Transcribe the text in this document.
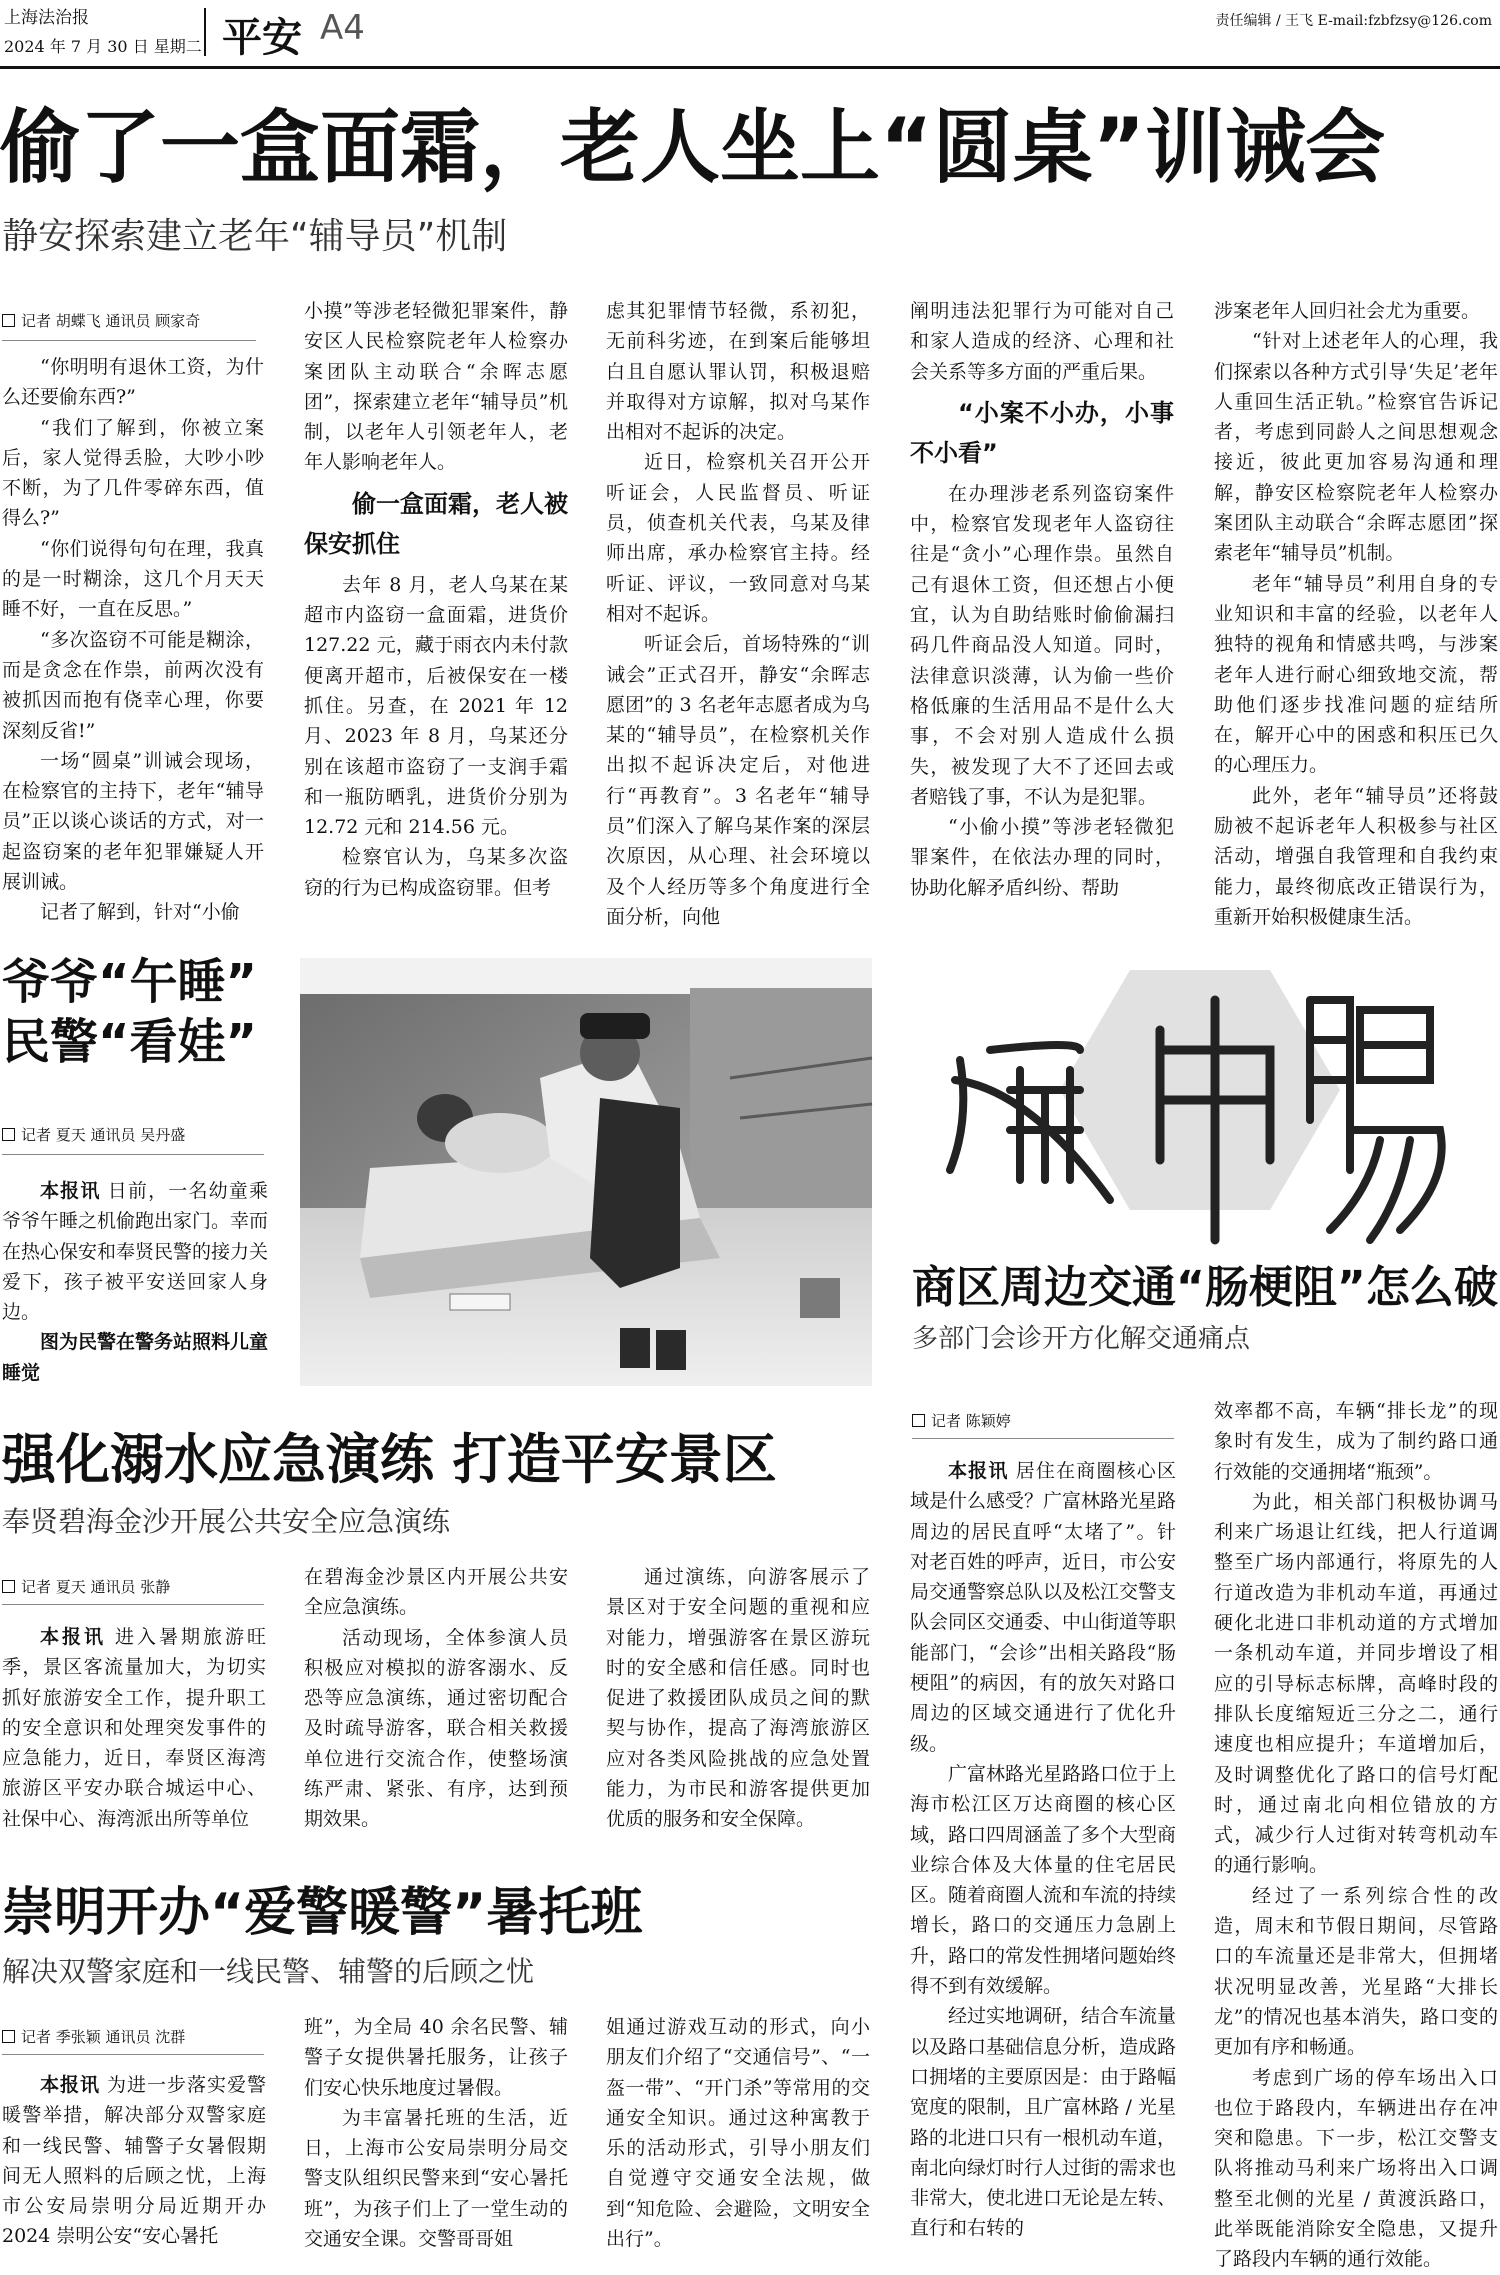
上海法治报
2024 年 7 月 30 日 星期二 平安 A4	责任编辑 / 王飞 E-mail:fzbfzsy@126.com
偷了一盒面霜，老人坐上“圆桌”训诫会
静安探索建立老年“辅导员”机制
记者 胡蝶飞 通讯员 顾家奇

“你明明有退休工资，为什么还要偷东西?”

“我们了解到，你被立案后，家人觉得丢脸，大吵小吵不断，为了几件零碎东西，值得么?”

“你们说得句句在理，我真的是一时糊涂，这几个月天天睡不好，一直在反思。”

“多次盗窃不可能是糊涂，而是贪念在作祟，前两次没有被抓因而抱有侥幸心理，你要深刻反省!”

一场“圆桌”训诫会现场，在检察官的主持下，老年“辅导员”正以谈心谈话的方式，对一起盗窃案的老年犯罪嫌疑人开展训诫。

记者了解到，针对“小偷

小摸”等涉老轻微犯罪案件，静安区人民检察院老年人检察办案团队主动联合“余晖志愿团”，探索建立老年“辅导员”机制，以老年人引领老年人，老年人影响老年人。

偷一盒面霜，老人被保安抓住

去年 8 月，老人乌某在某超市内盗窃一盒面霜，进货价 127.22 元，藏于雨衣内未付款便离开超市，后被保安在一楼抓住。另查，在 2021 年 12 月、2023 年 8 月，乌某还分别在该超市盗窃了一支润手霜和一瓶防晒乳，进货价分别为 12.72 元和 214.56 元。

检察官认为，乌某多次盗窃的行为已构成盗窃罪。但考

虑其犯罪情节轻微，系初犯，无前科劣迹，在到案后能够坦白且自愿认罪认罚，积极退赔并取得对方谅解，拟对乌某作出相对不起诉的决定。

近日，检察机关召开公开听证会，人民监督员、听证员，侦查机关代表，乌某及律师出席，承办检察官主持。经听证、评议，一致同意对乌某相对不起诉。

听证会后，首场特殊的“训诫会”正式召开，静安“余晖志愿团”的 3 名老年志愿者成为乌某的“辅导员”，在检察机关作出拟不起诉决定后，对他进行“再教育”。3 名老年“辅导员”们深入了解乌某作案的深层次原因，从心理、社会环境以及个人经历等多个角度进行全面分析，向他

阐明违法犯罪行为可能对自己和家人造成的经济、心理和社会关系等多方面的严重后果。

“小案不小办，小事不小看”

在办理涉老系列盗窃案件中，检察官发现老年人盗窃往往是“贪小”心理作祟。虽然自己有退休工资，但还想占小便宜，认为自助结账时偷偷漏扫码几件商品没人知道。同时，法律意识淡薄，认为偷一些价格低廉的生活用品不是什么大事，不会对别人造成什么损失，被发现了大不了还回去或者赔钱了事，不认为是犯罪。

“小偷小摸”等涉老轻微犯罪案件，在依法办理的同时，协助化解矛盾纠纷、帮助

涉案老年人回归社会尤为重要。

“针对上述老年人的心理，我们探索以各种方式引导‘失足’老年人重回生活正轨。”检察官告诉记者，考虑到同龄人之间思想观念接近，彼此更加容易沟通和理解，静安区检察院老年人检察办案团队主动联合“余晖志愿团”探索老年“辅导员”机制。

老年“辅导员”利用自身的专业知识和丰富的经验，以老年人独特的视角和情感共鸣，与涉案老年人进行耐心细致地交流，帮助他们逐步找准问题的症结所在，解开心中的困惑和积压已久的心理压力。

此外，老年“辅导员”还将鼓励被不起诉老年人积极参与社区活动，增强自我管理和自我约束能力，最终彻底改正错误行为，重新开始积极健康生活。

爷爷“午睡”
民警“看娃”
记者 夏天 通讯员 吴丹盛

本报讯 日前，一名幼童乘爷爷午睡之机偷跑出家门。幸而在热心保安和奉贤民警的接力关爱下，孩子被平安送回家人身边。

图为民警在警务站照料儿童睡觉

商区周边交通“肠梗阻”怎么破
多部门会诊开方化解交通痛点
记者 陈颖婷

本报讯 居住在商圈核心区域是什么感受？广富林路光星路周边的居民直呼“太堵了”。针对老百姓的呼声，近日，市公安局交通警察总队以及松江交警支队会同区交通委、中山街道等职能部门，“会诊”出相关路段“肠梗阻”的病因，有的放矢对路口周边的区域交通进行了优化升级。

广富林路光星路路口位于上海市松江区万达商圈的核心区域，路口四周涵盖了多个大型商业综合体及大体量的住宅居民区。随着商圈人流和车流的持续增长，路口的交通压力急剧上升，路口的常发性拥堵问题始终得不到有效缓解。

经过实地调研，结合车流量以及路口基础信息分析，造成路口拥堵的主要原因是：由于路幅宽度的限制，且广富林路 / 光星路的北进口只有一根机动车道，南北向绿灯时行人过街的需求也非常大，使北进口无论是左转、直行和右转的

效率都不高，车辆“排长龙”的现象时有发生，成为了制约路口通行效能的交通拥堵“瓶颈”。

为此，相关部门积极协调马利来广场退让红线，把人行道调整至广场内部通行，将原先的人行道改造为非机动车道，再通过硬化北进口非机动道的方式增加一条机动车道，并同步增设了相应的引导标志标牌，高峰时段的排队长度缩短近三分之二，通行速度也相应提升；车道增加后，及时调整优化了路口的信号灯配时，通过南北向相位错放的方式，减少行人过街对转弯机动车的通行影响。

经过了一系列综合性的改造，周末和节假日期间，尽管路口的车流量还是非常大，但拥堵状况明显改善，光星路“大排长龙”的情况也基本消失，路口变的更加有序和畅通。

考虑到广场的停车场出入口也位于路段内，车辆进出存在冲突和隐患。下一步，松江交警支队将推动马利来广场将出入口调整至北侧的光星 / 黄渡浜路口，此举既能消除安全隐患，又提升了路段内车辆的通行效能。

强化溺水应急演练 打造平安景区
奉贤碧海金沙开展公共安全应急演练
记者 夏天 通讯员 张静

本报讯 进入暑期旅游旺季，景区客流量加大，为切实抓好旅游安全工作，提升职工的安全意识和处理突发事件的应急能力，近日，奉贤区海湾旅游区平安办联合城运中心、社保中心、海湾派出所等单位

在碧海金沙景区内开展公共安全应急演练。

活动现场，全体参演人员积极应对模拟的游客溺水、反恐等应急演练，通过密切配合及时疏导游客，联合相关救援单位进行交流合作，使整场演练严肃、紧张、有序，达到预期效果。

通过演练，向游客展示了景区对于安全问题的重视和应对能力，增强游客在景区游玩时的安全感和信任感。同时也促进了救援团队成员之间的默契与协作，提高了海湾旅游区应对各类风险挑战的应急处置能力，为市民和游客提供更加优质的服务和安全保障。

崇明开办“爱警暖警”暑托班
解决双警家庭和一线民警、辅警的后顾之忧
记者 季张颖 通讯员 沈群

本报讯 为进一步落实爱警暖警举措，解决部分双警家庭和一线民警、辅警子女暑假期间无人照料的后顾之忧，上海市公安局崇明分局近期开办 2024 崇明公安“安心暑托

班”，为全局 40 余名民警、辅警子女提供暑托服务，让孩子们安心快乐地度过暑假。

为丰富暑托班的生活，近日，上海市公安局崇明分局交警支队组织民警来到“安心暑托班”，为孩子们上了一堂生动的交通安全课。交警哥哥姐

姐通过游戏互动的形式，向小朋友们介绍了“交通信号”、“一盔一带”、“开门杀”等常用的交通安全知识。通过这种寓教于乐的活动形式，引导小朋友们自觉遵守交通安全法规，做到“知危险、会避险，文明安全出行”。
